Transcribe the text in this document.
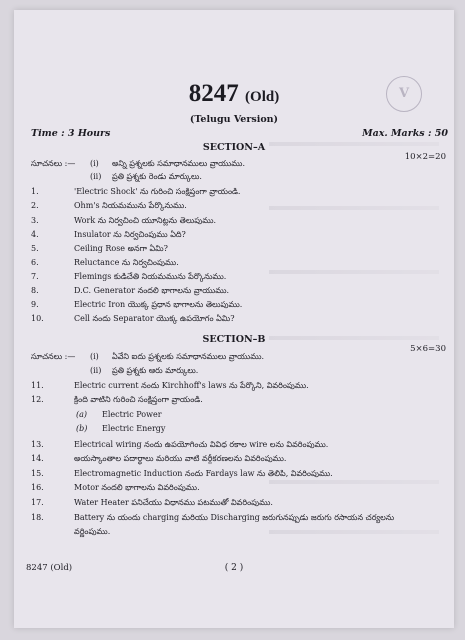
V
8247 (Old)
(Telugu Version)
Time : 3 Hours	Max. Marks : 50
SECTION–A
10×2=20
సూచనలు :— (i) అన్ని ప్రశ్నలకు సమాధానములు వ్రాయుము.
(ii) ప్రతి ప్రశ్నకు రెండు మార్కులు.
1.	'Electric Shock' ను గురించి సంక్షిప్తంగా వ్రాయండి.
2.	Ohm's నియమమును పేర్కొనుము.
3.	Work ను నిర్వచించి యూనిట్లను తెలుపుము.
4.	Insulator ను నిర్వచింపుము ఏది?
5.	Ceiling Rose అనగా ఏమి?
6.	Reluctance ను నిర్వచింపుము.
7.	Flemings కుడిచేతి నియమమును పేర్కొనుము.
8.	D.C. Generator నందలి భాగాలను వ్రాయుము.
9.	Electric Iron యొక్క ప్రధాన భాగాలను తెలుపుము.
10.	Cell నందు Separator యొక్క ఉపయోగం ఏమి?
SECTION–B
5×6=30
సూచనలు :— (i) ఏవేని ఐదు ప్రశ్నలకు సమాధానములు వ్రాయుము.
(ii) ప్రతి ప్రశ్నకు ఆరు మార్కులు.
11.	Electric current నందు Kirchhoff's laws ను పేర్కొని, వివరింపుము.
12.	క్రింది వాటిని గురించి సంక్షిప్తంగా వ్రాయండి.
(a) Electric Power
(b) Electric Energy
13.	Electrical wiring నందు ఉపయోగించు వివిధ రకాల wire లను వివరింపుము.
14.	అయస్కాంతాల పదార్థాలు మరియు వాటి వర్గీకరణలను వివరింపుము.
15.	Electromagnetic Induction నందు Fardays law ను తెలిపి, వివరింపుము.
16.	Motor నందలి భాగాలను వివరింపుము.
17.	Water Heater పనిచేయు విధానము పటముతో వివరింపుము.
18.	Battery ను యందు charging మరియు Discharging జరుగునప్పుడు జరుగు రసాయన చర్యలను
వర్ణింపుము.
8247 (Old)	( 2 )
